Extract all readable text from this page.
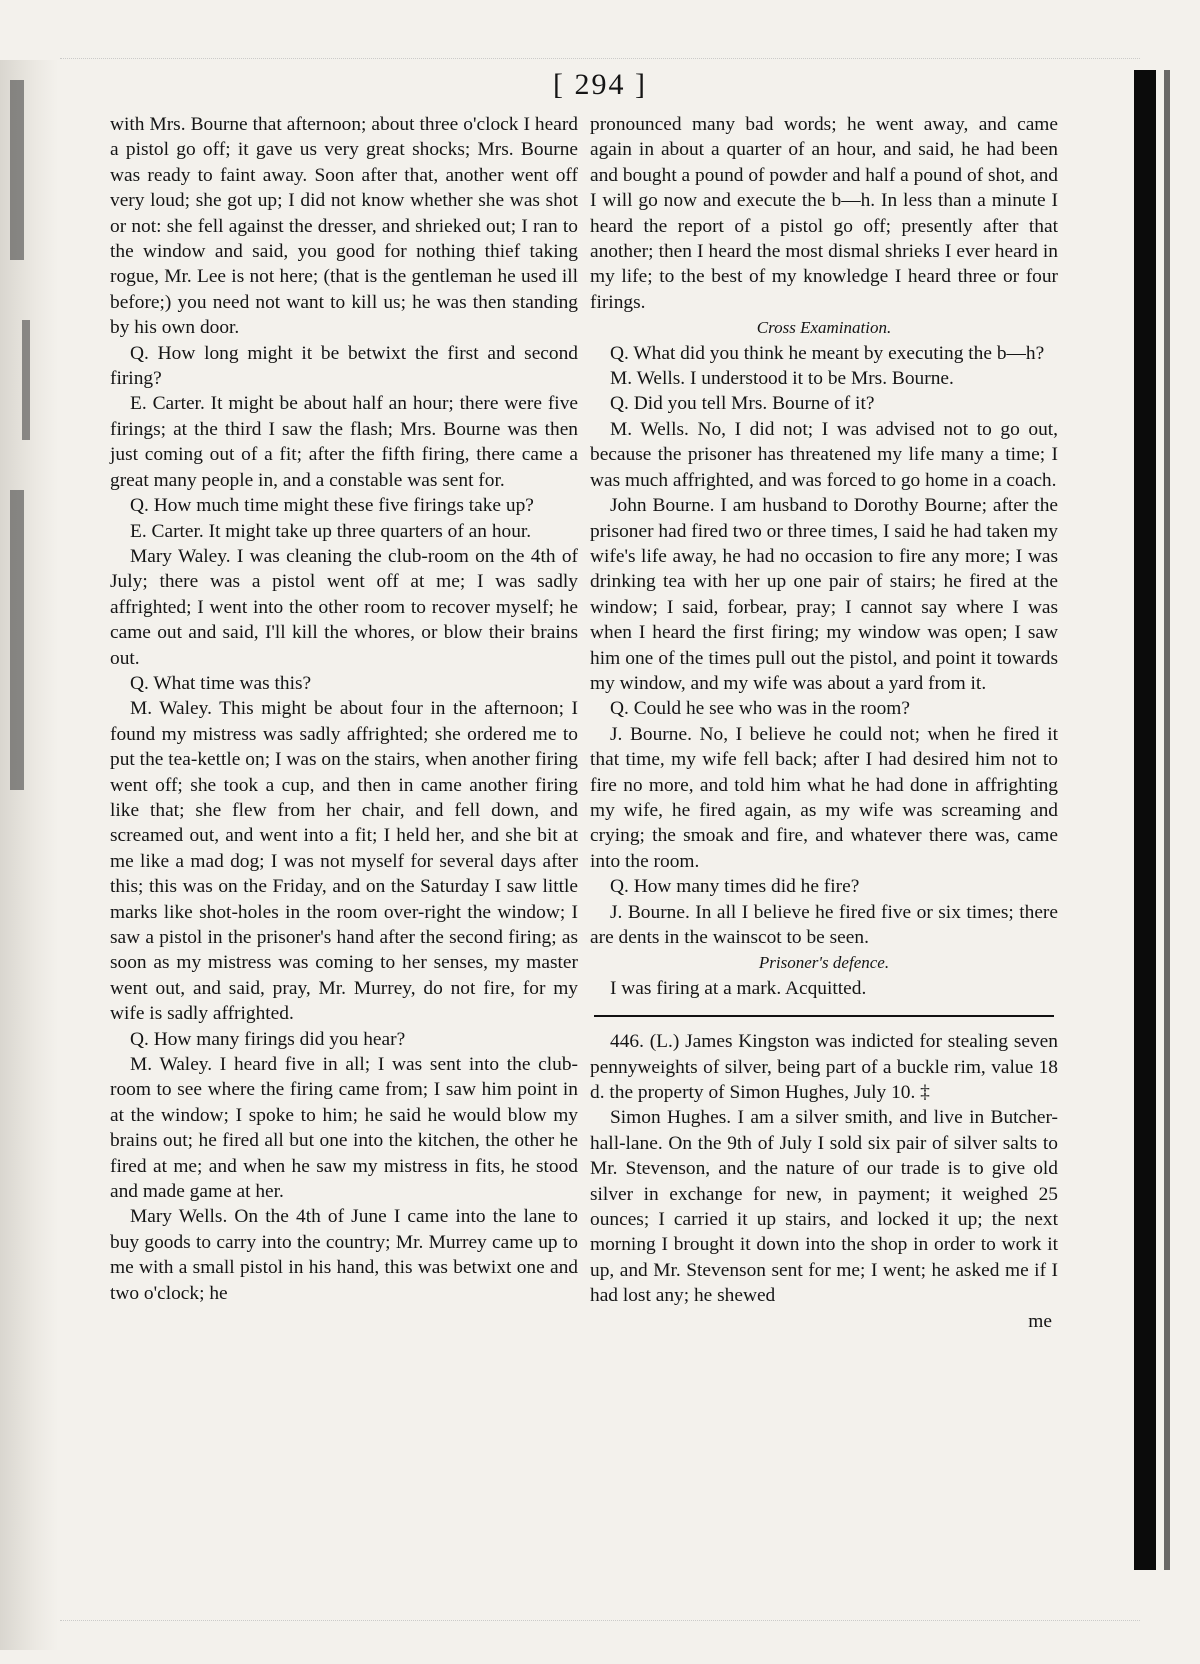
[ 294 ]

with Mrs. Bourne that afternoon; about three o'clock I heard a pistol go off; it gave us very great shocks; Mrs. Bourne was ready to faint away. Soon after that, another went off very loud; she got up; I did not know whether she was shot or not: she fell against the dresser, and shrieked out; I ran to the window and said, you good for nothing thief taking rogue, Mr. Lee is not here; (that is the gentleman he used ill before;) you need not want to kill us; he was then standing by his own door.

Q. How long might it be betwixt the first and second firing?

E. Carter. It might be about half an hour; there were five firings; at the third I saw the flash; Mrs. Bourne was then just coming out of a fit; after the fifth firing, there came a great many people in, and a constable was sent for.

Q. How much time might these five firings take up?

E. Carter. It might take up three quarters of an hour.

Mary Waley. I was cleaning the club-room on the 4th of July; there was a pistol went off at me; I was sadly affrighted; I went into the other room to recover myself; he came out and said, I'll kill the whores, or blow their brains out.

Q. What time was this?

M. Waley. This might be about four in the afternoon; I found my mistress was sadly affrighted; she ordered me to put the tea-kettle on; I was on the stairs, when another firing went off; she took a cup, and then in came another firing like that; she flew from her chair, and fell down, and screamed out, and went into a fit; I held her, and she bit at me like a mad dog; I was not myself for several days after this; this was on the Friday, and on the Saturday I saw little marks like shot-holes in the room over-right the window; I saw a pistol in the prisoner's hand after the second firing; as soon as my mistress was coming to her senses, my master went out, and said, pray, Mr. Murrey, do not fire, for my wife is sadly affrighted.

Q. How many firings did you hear?

M. Waley. I heard five in all; I was sent into the club-room to see where the firing came from; I saw him point in at the window; I spoke to him; he said he would blow my brains out; he fired all but one into the kitchen, the other he fired at me; and when he saw my mistress in fits, he stood and made game at her.

Mary Wells. On the 4th of June I came into the lane to buy goods to carry into the country; Mr. Murrey came up to me with a small pistol in his hand, this was betwixt one and two o'clock; he

pronounced many bad words; he went away, and came again in about a quarter of an hour, and said, he had been and bought a pound of powder and half a pound of shot, and I will go now and execute the b—h. In less than a minute I heard the report of a pistol go off; presently after that another; then I heard the most dismal shrieks I ever heard in my life; to the best of my knowledge I heard three or four firings.

Cross Examination.

Q. What did you think he meant by executing the b—h?

M. Wells. I understood it to be Mrs. Bourne.

Q. Did you tell Mrs. Bourne of it?

M. Wells. No, I did not; I was advised not to go out, because the prisoner has threatened my life many a time; I was much affrighted, and was forced to go home in a coach.

John Bourne. I am husband to Dorothy Bourne; after the prisoner had fired two or three times, I said he had taken my wife's life away, he had no occasion to fire any more; I was drinking tea with her up one pair of stairs; he fired at the window; I said, forbear, pray; I cannot say where I was when I heard the first firing; my window was open; I saw him one of the times pull out the pistol, and point it towards my window, and my wife was about a yard from it.

Q. Could he see who was in the room?

J. Bourne. No, I believe he could not; when he fired it that time, my wife fell back; after I had desired him not to fire no more, and told him what he had done in affrighting my wife, he fired again, as my wife was screaming and crying; the smoak and fire, and whatever there was, came into the room.

Q. How many times did he fire?

J. Bourne. In all I believe he fired five or six times; there are dents in the wainscot to be seen.

Prisoner's defence.

I was firing at a mark. Acquitted.

446. (L.) James Kingston was indicted for stealing seven pennyweights of silver, being part of a buckle rim, value 18 d. the property of Simon Hughes, July 10. ‡

Simon Hughes. I am a silver smith, and live in Butcher-hall-lane. On the 9th of July I sold six pair of silver salts to Mr. Stevenson, and the nature of our trade is to give old silver in exchange for new, in payment; it weighed 25 ounces; I carried it up stairs, and locked it up; the next morning I brought it down into the shop in order to work it up, and Mr. Stevenson sent for me; I went; he asked me if I had lost any; he shewed

me
